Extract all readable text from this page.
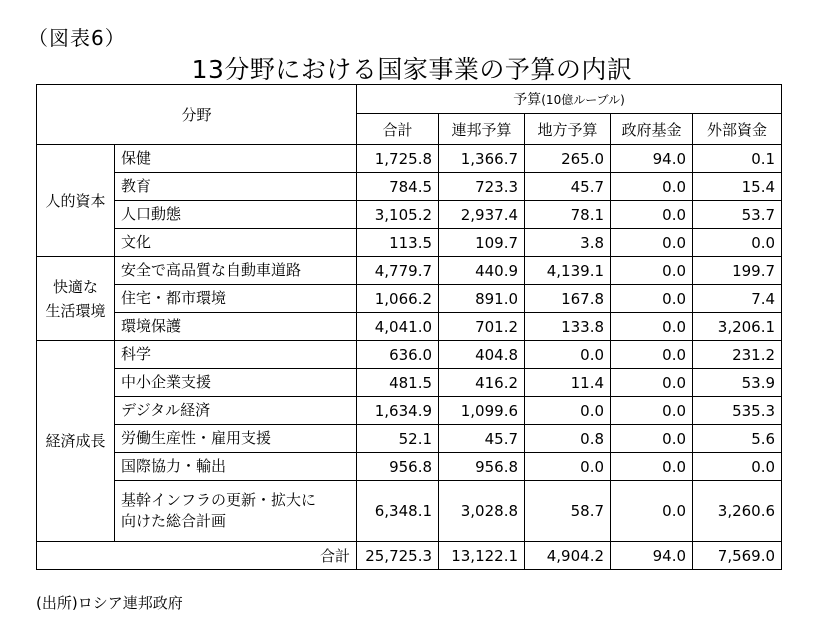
（図表6）
13分野における国家事業の予算の内訳
分野		予算(10億ルーブル)				
		合計	連邦予算	地方予算	政府基金	外部資金

人的資本	保健	1,725.8	1,366.7	265.0	94.0	0.1
	教育	784.5	723.3	45.7	0.0	15.4
	人口動態	3,105.2	2,937.4	78.1	0.0	53.7
	文化	113.5	109.7	3.8	0.0	0.0

快適な
生活環境	安全で高品質な自動車道路	4,779.7	440.9	4,139.1	0.0	199.7
	住宅・都市環境	1,066.2	891.0	167.8	0.0	7.4
	環境保護	4,041.0	701.2	133.8	0.0	3,206.1

経済成長	科学	636.0	404.8	0.0	0.0	231.2
	中小企業支援	481.5	416.2	11.4	0.0	53.9
	デジタル経済	1,634.9	1,099.6	0.0	0.0	535.3
	労働生産性・雇用支援	52.1	45.7	0.8	0.0	5.6
	国際協力・輸出	956.8	956.8	0.0	0.0	0.0

	基幹インフラの更新・拡大に
向けた総合計画	6,348.1	3,028.8	58.7	0.0	3,260.6
合計		25,725.3	13,122.1	4,904.2	94.0	7,569.0
(出所)ロシア連邦政府
